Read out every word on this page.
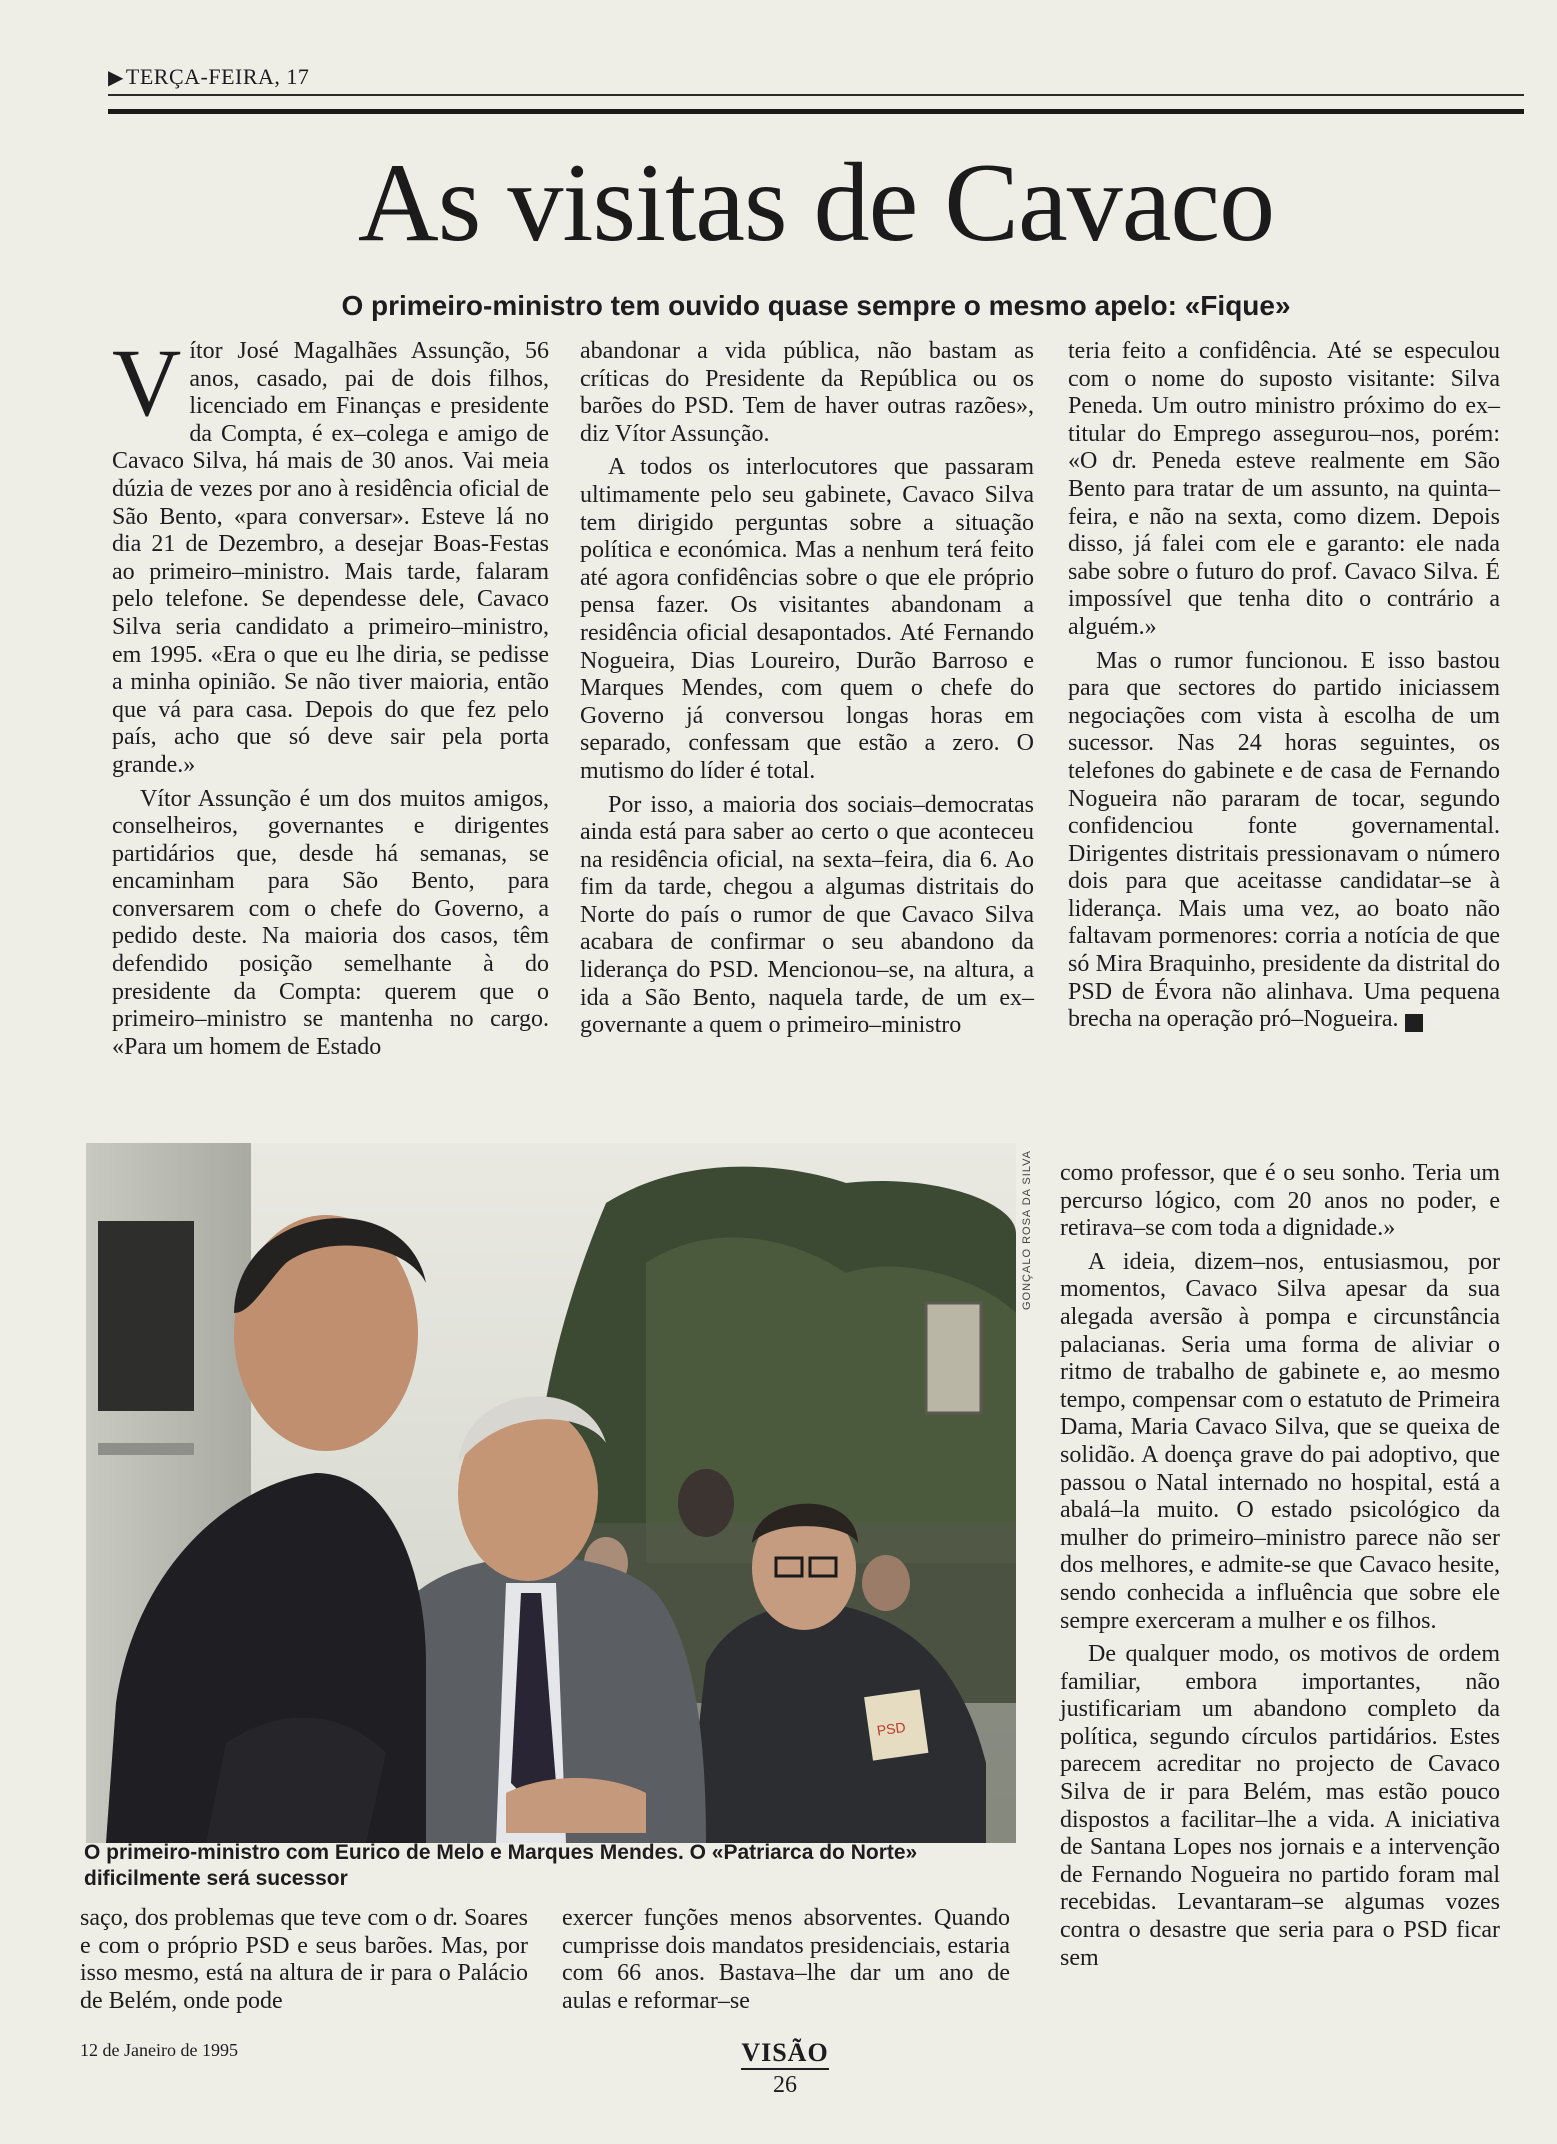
▶TERÇA-FEIRA, 17
As visitas de Cavaco
O primeiro-ministro tem ouvido quase sempre o mesmo apelo: «Fique»

Vítor José Magalhães Assunção, 56 anos, casado, pai de dois filhos, licenciado em Finanças e presidente da Compta, é ex–colega e amigo de Cavaco Silva, há mais de 30 anos. Vai meia dúzia de vezes por ano à residência oficial de São Bento, «para conversar». Esteve lá no dia 21 de Dezembro, a desejar Boas-Festas ao primeiro–ministro. Mais tarde, falaram pelo telefone. Se dependesse dele, Cavaco Silva seria candidato a primeiro–ministro, em 1995. «Era o que eu lhe diria, se pedisse a minha opinião. Se não tiver maioria, então que vá para casa. Depois do que fez pelo país, acho que só deve sair pela porta grande.»

Vítor Assunção é um dos muitos amigos, conselheiros, governantes e dirigentes partidários que, desde há semanas, se encaminham para São Bento, para conversarem com o chefe do Governo, a pedido deste. Na maioria dos casos, têm defendido posição semelhante à do presidente da Compta: querem que o primeiro–ministro se mantenha no cargo. «Para um homem de Estado

abandonar a vida pública, não bastam as críticas do Presidente da República ou os barões do PSD. Tem de haver outras razões», diz Vítor Assunção.

A todos os interlocutores que passaram ultimamente pelo seu gabinete, Cavaco Silva tem dirigido perguntas sobre a situação política e económica. Mas a nenhum terá feito até agora confidências sobre o que ele próprio pensa fazer. Os visitantes abandonam a residência oficial desapontados. Até Fernando Nogueira, Dias Loureiro, Durão Barroso e Marques Mendes, com quem o chefe do Governo já conversou longas horas em separado, confessam que estão a zero. O mutismo do líder é total.

Por isso, a maioria dos sociais–democratas ainda está para saber ao certo o que aconteceu na residência oficial, na sexta–feira, dia 6. Ao fim da tarde, chegou a algumas distritais do Norte do país o rumor de que Cavaco Silva acabara de confirmar o seu abandono da liderança do PSD. Mencionou–se, na altura, a ida a São Bento, naquela tarde, de um ex–governante a quem o primeiro–ministro

teria feito a confidência. Até se especulou com o nome do suposto visitante: Silva Peneda. Um outro ministro próximo do ex–titular do Emprego assegurou–nos, porém: «O dr. Peneda esteve realmente em São Bento para tratar de um assunto, na quinta–feira, e não na sexta, como dizem. Depois disso, já falei com ele e garanto: ele nada sabe sobre o futuro do prof. Cavaco Silva. É impossível que tenha dito o contrário a alguém.»

Mas o rumor funcionou. E isso bastou para que sectores do partido iniciassem negociações com vista à escolha de um sucessor. Nas 24 horas seguintes, os telefones do gabinete e de casa de Fernando Nogueira não pararam de tocar, segundo confidenciou fonte governamental. Dirigentes distritais pressionavam o número dois para que aceitasse candidatar–se à liderança. Mais uma vez, ao boato não faltavam pormenores: corria a notícia de que só Mira Braquinho, presidente da distrital do PSD de Évora não alinhava. Uma pequena brecha na operação pró–Nogueira. V

PSD
GONÇALO ROSA DA SILVA
O primeiro-ministro com Eurico de Melo e Marques Mendes. O «Patriarca do Norte» dificilmente será sucessor

como professor, que é o seu sonho. Teria um percurso lógico, com 20 anos no poder, e retirava–se com toda a dignidade.»

A ideia, dizem–nos, entusiasmou, por momentos, Cavaco Silva apesar da sua alegada aversão à pompa e circunstância palacianas. Seria uma forma de aliviar o ritmo de trabalho de gabinete e, ao mesmo tempo, compensar com o estatuto de Primeira Dama, Maria Cavaco Silva, que se queixa de solidão. A doença grave do pai adoptivo, que passou o Natal internado no hospital, está a abalá–la muito. O estado psicológico da mulher do primeiro–ministro parece não ser dos melhores, e admite-se que Cavaco hesite, sendo conhecida a influência que sobre ele sempre exerceram a mulher e os filhos.

De qualquer modo, os motivos de ordem familiar, embora importantes, não justificariam um abandono completo da política, segundo círculos partidários. Estes parecem acreditar no projecto de Cavaco Silva de ir para Belém, mas estão pouco dispostos a facilitar–lhe a vida. A iniciativa de Santana Lopes nos jornais e a intervenção de Fernando Nogueira no partido foram mal recebidas. Levantaram–se algumas vozes contra o desastre que seria para o PSD ficar sem

saço, dos problemas que teve com o dr. Soares e com o próprio PSD e seus barões. Mas, por isso mesmo, está na altura de ir para o Palácio de Belém, onde pode

exercer funções menos absorventes. Quando cumprisse dois mandatos presidenciais, estaria com 66 anos. Bastava–lhe dar um ano de aulas e reformar–se

12 de Janeiro de 1995	VISÃO
26
